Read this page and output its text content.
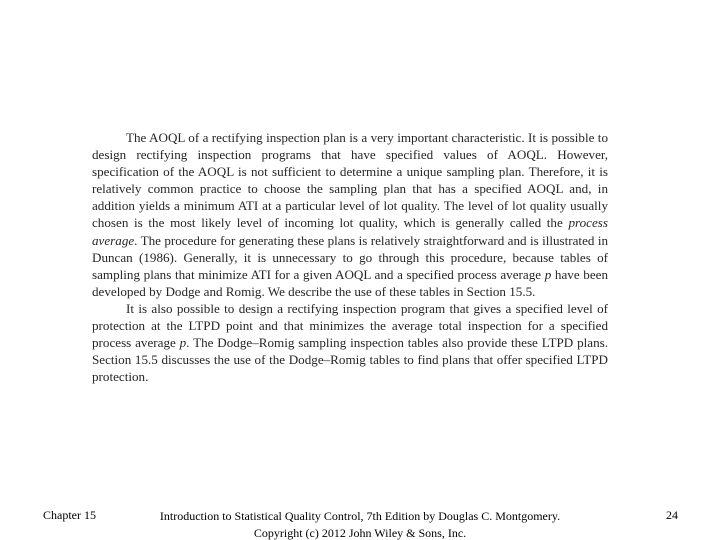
The AOQL of a rectifying inspection plan is a very important characteristic. It is possible to design rectifying inspection programs that have specified values of AOQL. However, specification of the AOQL is not sufficient to determine a unique sampling plan. Therefore, it is relatively common practice to choose the sampling plan that has a specified AOQL and, in addition yields a minimum ATI at a particular level of lot quality. The level of lot quality usually chosen is the most likely level of incoming lot quality, which is generally called the process average. The procedure for generating these plans is relatively straightforward and is illustrated in Duncan (1986). Generally, it is unnecessary to go through this procedure, because tables of sampling plans that minimize ATI for a given AOQL and a specified process average p have been developed by Dodge and Romig. We describe the use of these tables in Section 15.5.

It is also possible to design a rectifying inspection program that gives a specified level of protection at the LTPD point and that minimizes the average total inspection for a specified process average p. The Dodge–Romig sampling inspection tables also provide these LTPD plans. Section 15.5 discusses the use of the Dodge–Romig tables to find plans that offer specified LTPD protection.

Chapter 15	Introduction to Statistical Quality Control, 7th Edition by Douglas C. Montgomery.
Copyright (c) 2012 John Wiley & Sons, Inc.
24
